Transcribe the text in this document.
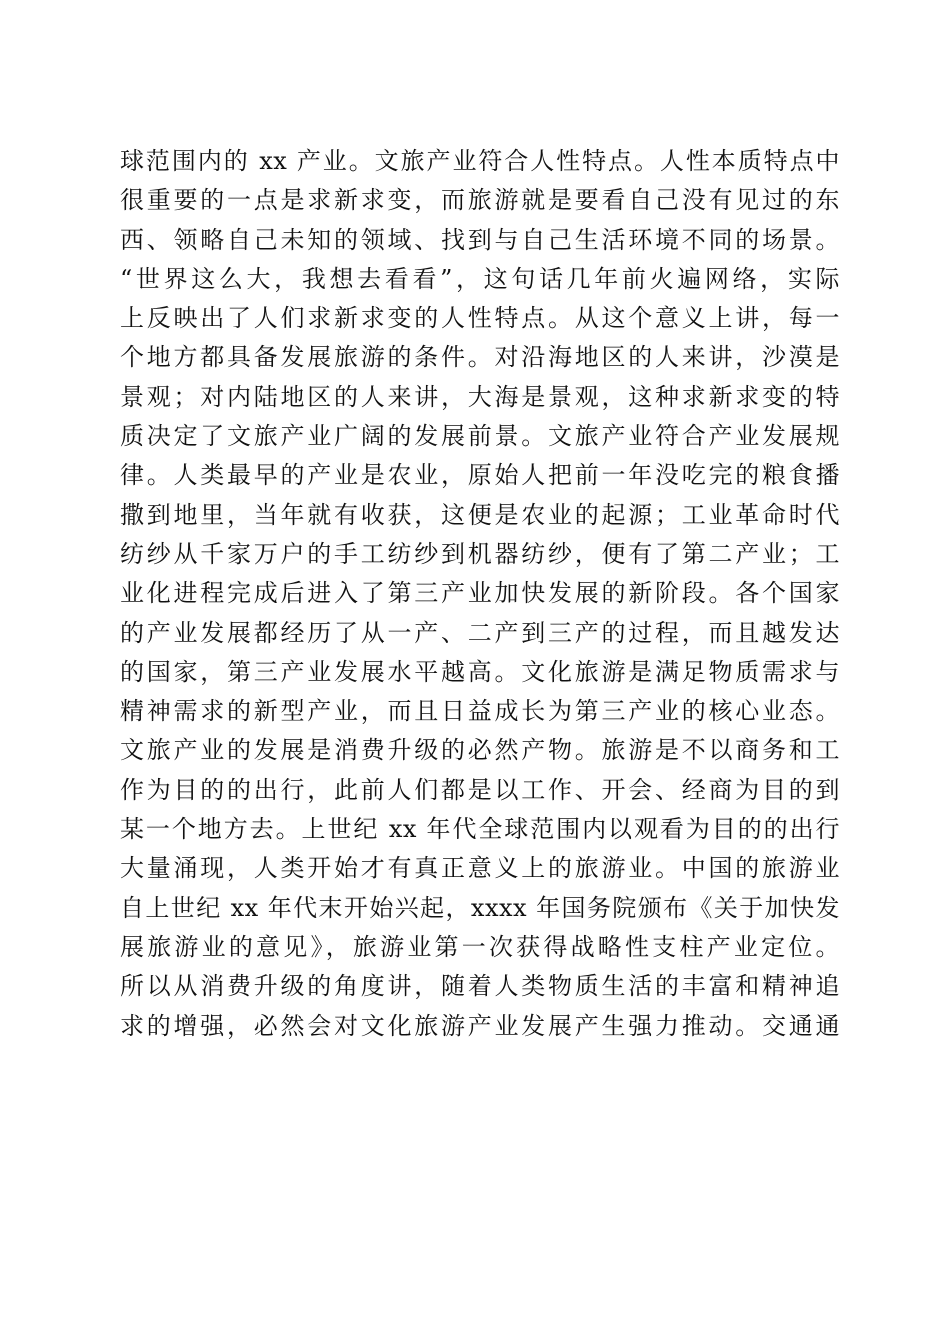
球范围内的 xx 产业。文旅产业符合人性特点。人性本质特点中
很重要的一点是求新求变，而旅游就是要看自己没有见过的东
西、领略自己未知的领域、找到与自己生活环境不同的场景。
“世界这么大，我想去看看”，这句话几年前火遍网络，实际
上反映出了人们求新求变的人性特点。从这个意义上讲，每一
个地方都具备发展旅游的条件。对沿海地区的人来讲，沙漠是
景观；对内陆地区的人来讲，大海是景观，这种求新求变的特
质决定了文旅产业广阔的发展前景。文旅产业符合产业发展规
律。人类最早的产业是农业，原始人把前一年没吃完的粮食播
撒到地里，当年就有收获，这便是农业的起源；工业革命时代
纺纱从千家万户的手工纺纱到机器纺纱，便有了第二产业；工
业化进程完成后进入了第三产业加快发展的新阶段。各个国家
的产业发展都经历了从一产、二产到三产的过程，而且越发达
的国家，第三产业发展水平越高。文化旅游是满足物质需求与
精神需求的新型产业，而且日益成长为第三产业的核心业态。
文旅产业的发展是消费升级的必然产物。旅游是不以商务和工
作为目的的出行，此前人们都是以工作、开会、经商为目的到
某一个地方去。上世纪 xx 年代全球范围内以观看为目的的出行
大量涌现，人类开始才有真正意义上的旅游业。中国的旅游业
自上世纪 xx 年代末开始兴起，xxxx 年国务院颁布《关于加快发
展旅游业的意见》，旅游业第一次获得战略性支柱产业定位。
所以从消费升级的角度讲，随着人类物质生活的丰富和精神追
求的增强，必然会对文化旅游产业发展产生强力推动。交通通
